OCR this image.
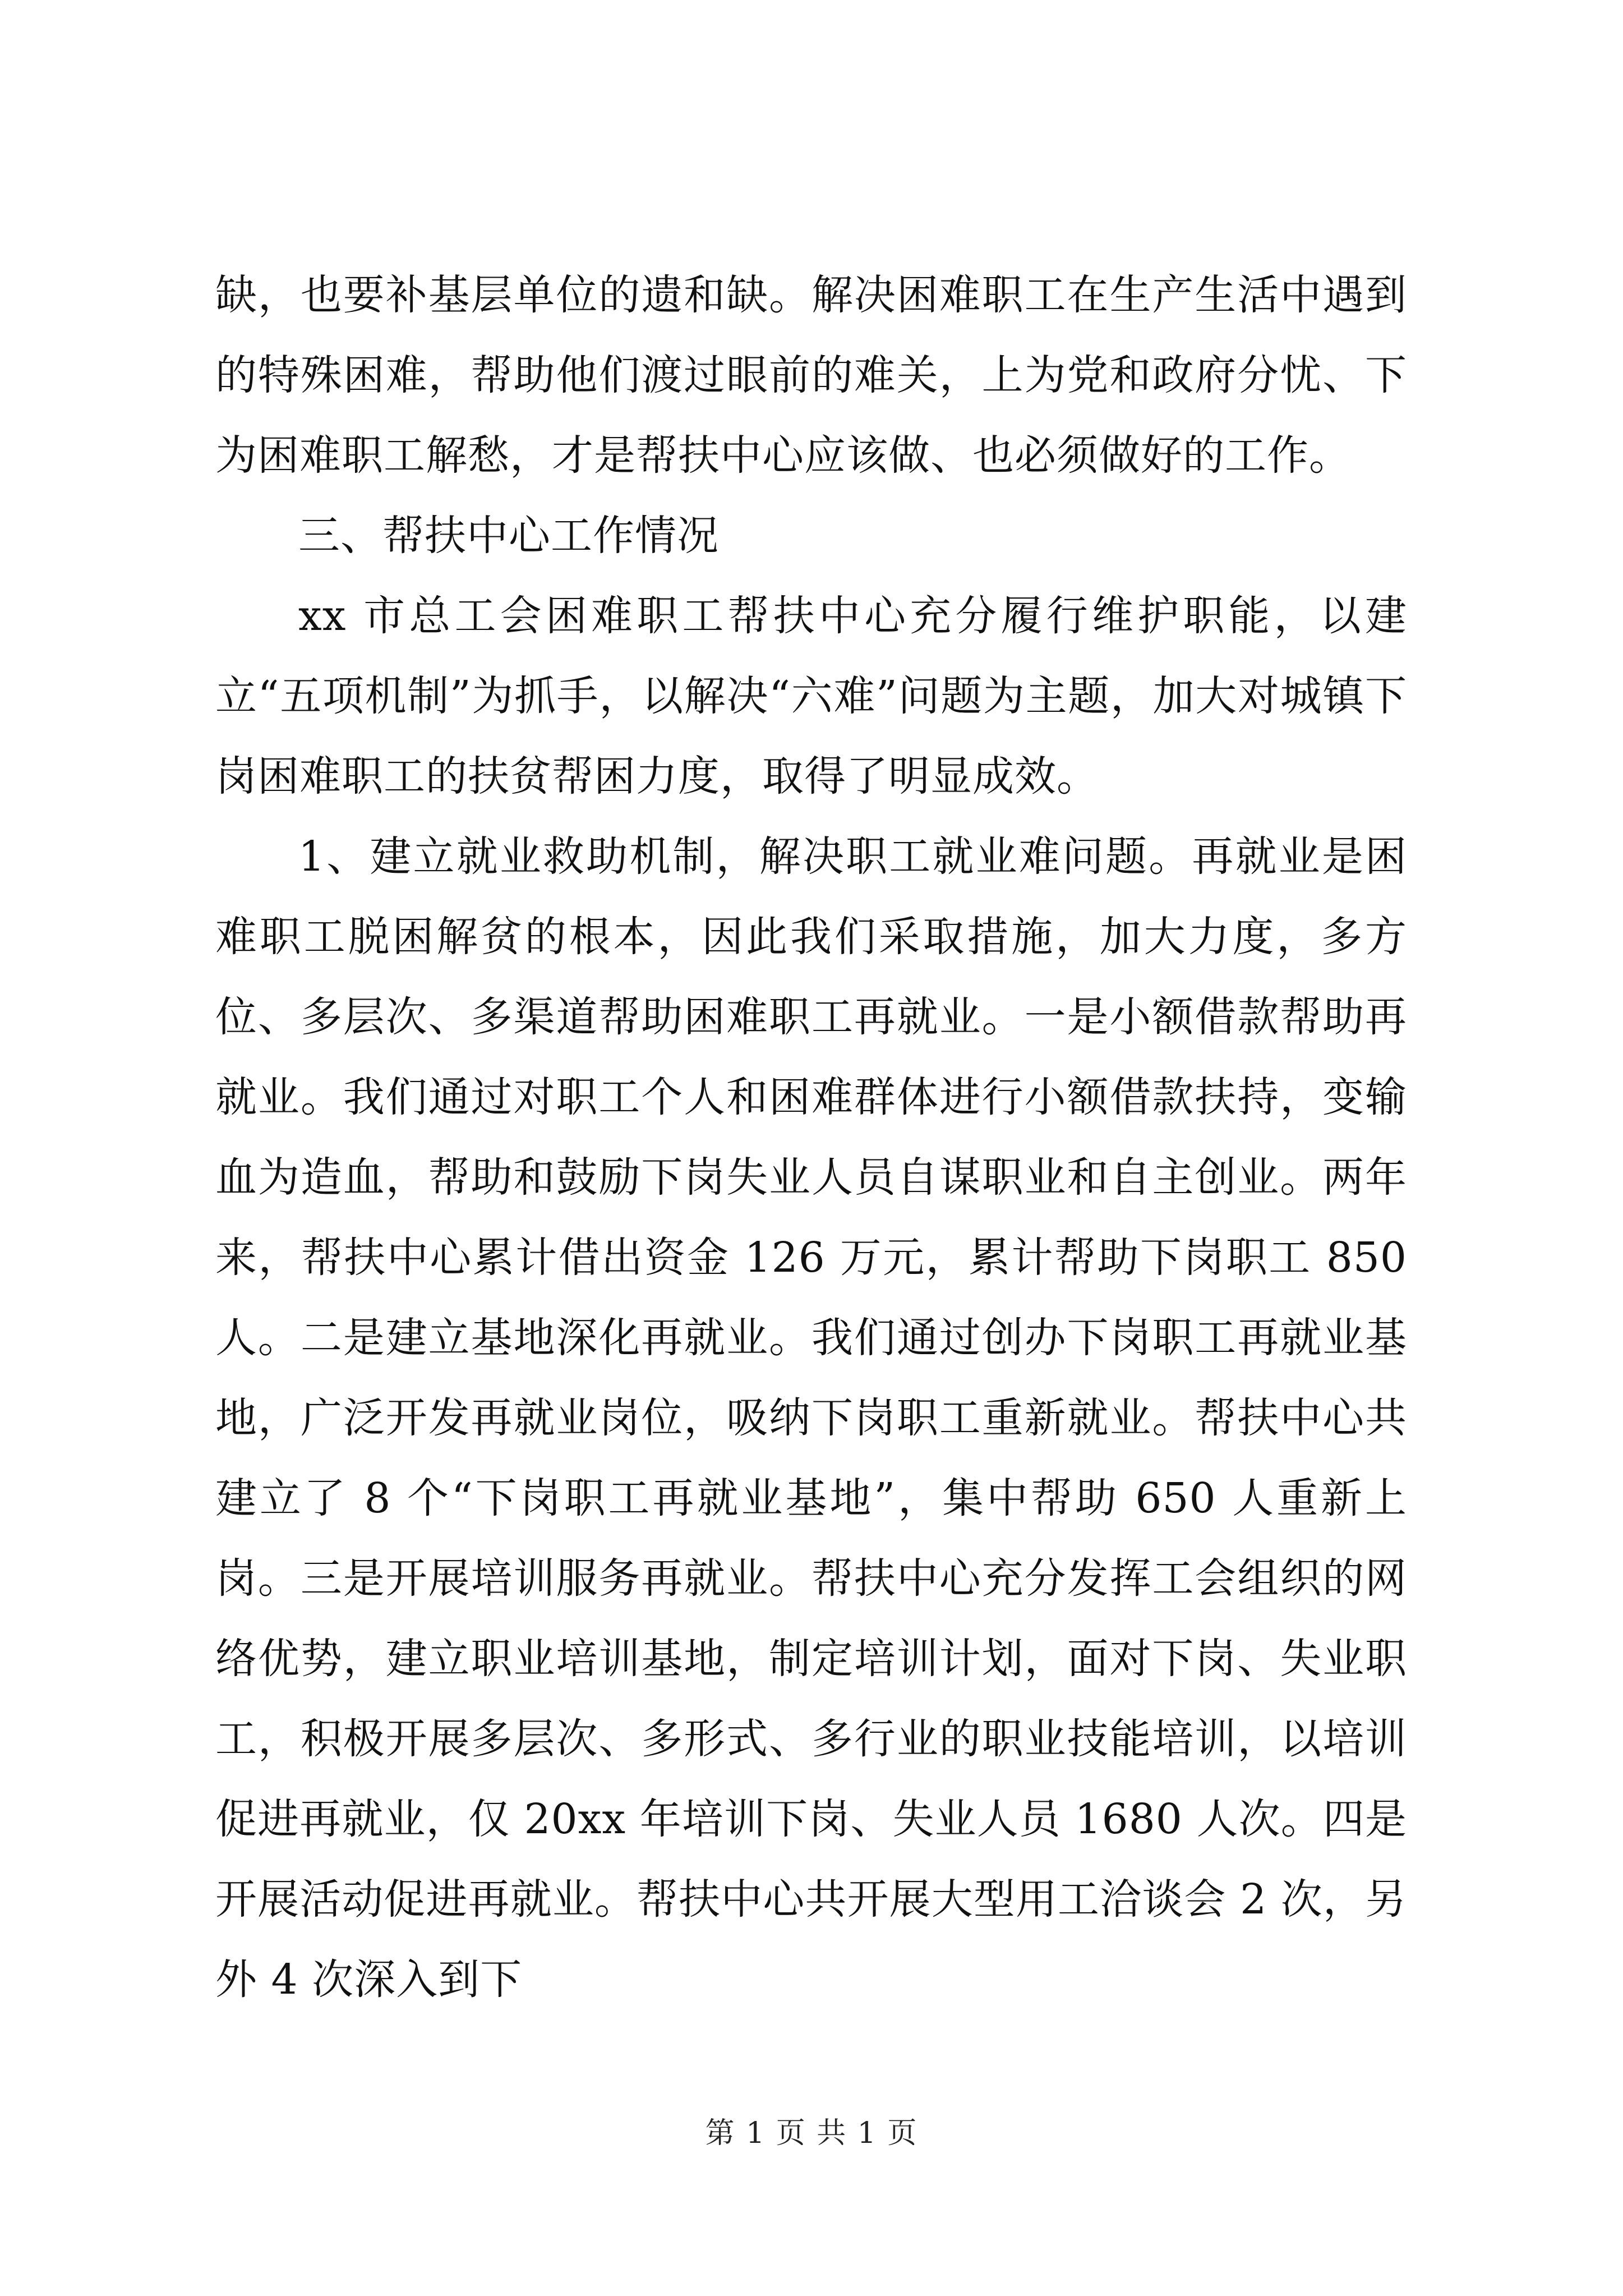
缺，也要补基层单位的遗和缺。解决困难职工在生产生活中遇到的特殊困难，帮助他们渡过眼前的难关，上为党和政府分忧、下为困难职工解愁，才是帮扶中心应该做、也必须做好的工作。

三、帮扶中心工作情况

xx 市总工会困难职工帮扶中心充分履行维护职能，以建立“五项机制”为抓手，以解决“六难”问题为主题，加大对城镇下岗困难职工的扶贫帮困力度，取得了明显成效。

1、建立就业救助机制，解决职工就业难问题。再就业是困难职工脱困解贫的根本，因此我们采取措施，加大力度，多方位、多层次、多渠道帮助困难职工再就业。一是小额借款帮助再就业。我们通过对职工个人和困难群体进行小额借款扶持，变输血为造血，帮助和鼓励下岗失业人员自谋职业和自主创业。两年来，帮扶中心累计借出资金 126 万元，累计帮助下岗职工 850 人。二是建立基地深化再就业。我们通过创办下岗职工再就业基地，广泛开发再就业岗位，吸纳下岗职工重新就业。帮扶中心共建立了 8 个“下岗职工再就业基地”，集中帮助 650 人重新上岗。三是开展培训服务再就业。帮扶中心充分发挥工会组织的网络优势，建立职业培训基地，制定培训计划，面对下岗、失业职工，积极开展多层次、多形式、多行业的职业技能培训，以培训促进再就业，仅 20xx 年培训下岗、失业人员 1680 人次。四是开展活动促进再就业。帮扶中心共开展大型用工洽谈会 2 次，另外 4 次深入到下

第 1 页 共 1 页
